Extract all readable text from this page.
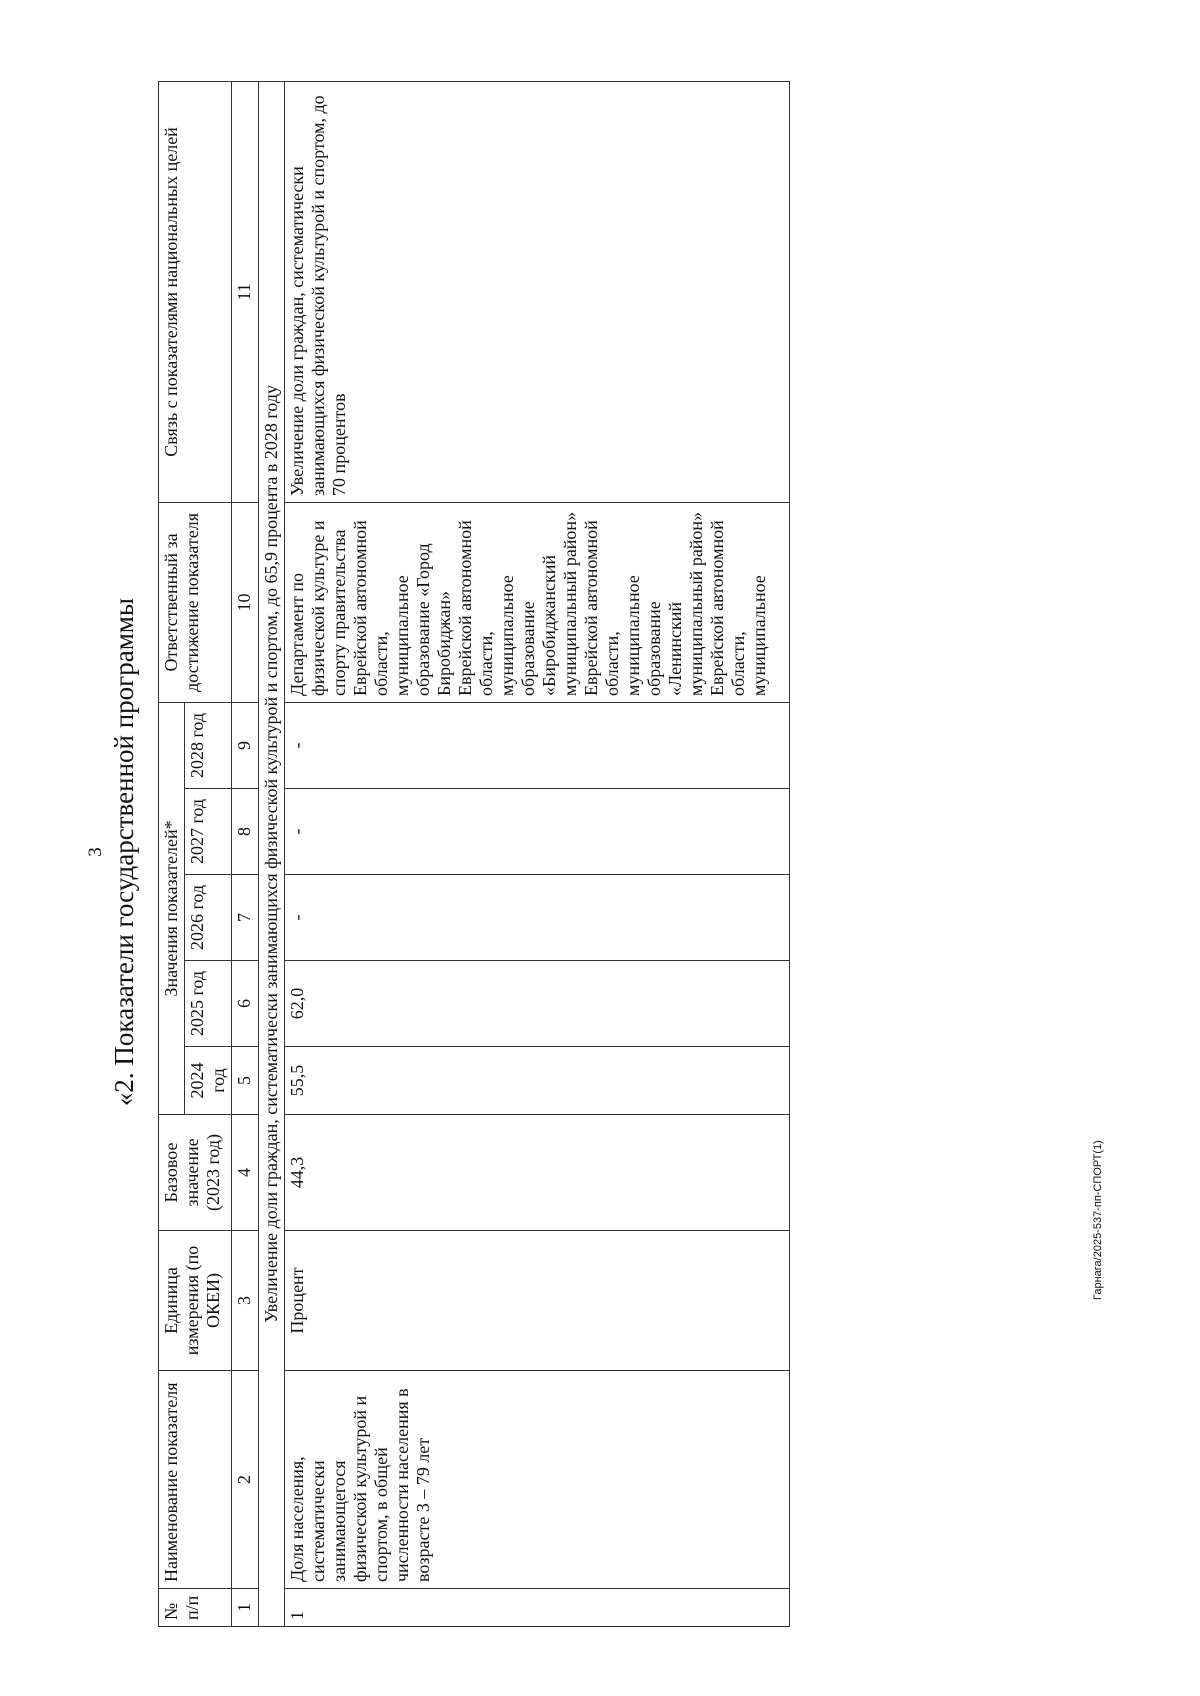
3 «2. Показатели государственной программы
№ п/п	Наименование показателя	Единица измерения (по ОКЕИ)	Базовое значение (2023 год)	Значения показателей*					Ответственный за достижение показателя	Связь с показателями национальных целей
				2024 год	2025 год	2026 год	2027 год	2028 год		
1	2	3	4	5	6	7	8	9	10	11
Увеличение доли граждан, систематически занимающихся физической культурой и спортом, до 65,9 процента в 2028 году										
1	Доля населения, систематически занимающегося физической культурой и спортом, в общей численности населения в возрасте 3 – 79 лет	Процент	44,3	55,5	62,0	-	-	-	Департамент по физической культуре и спорту правительства Еврейской автономной области, муниципальное образование «Город Биробиджан» Еврейской автономной области, муниципальное образование «Биробиджанский муниципальный район» Еврейской автономной области, муниципальное образование «Ленинский муниципальный район» Еврейской автономной области, муниципальное	Увеличение доли граждан, систематически занимающихся физической культурой и спортом, до 70 процентов
Гарнага/2025-537-пп-СПОРТ(1)
